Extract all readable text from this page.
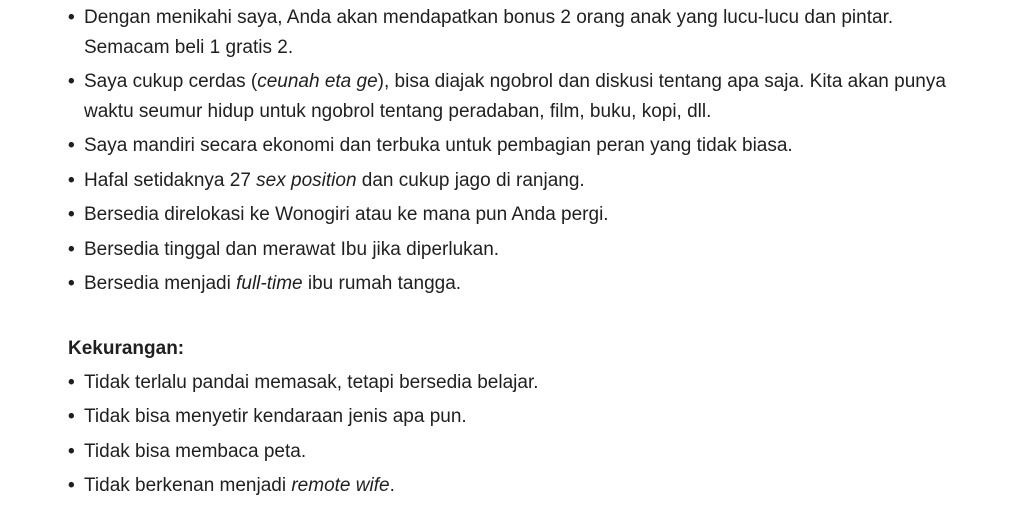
• Dengan menikahi saya, Anda akan mendapatkan bonus 2 orang anak yang lucu-lucu dan pintar. Semacam beli 1 gratis 2.
• Saya cukup cerdas (ceunah eta ge), bisa diajak ngobrol dan diskusi tentang apa saja. Kita akan punya waktu seumur hidup untuk ngobrol tentang peradaban, film, buku, kopi, dll.
• Saya mandiri secara ekonomi dan terbuka untuk pembagian peran yang tidak biasa.
• Hafal setidaknya 27 sex position dan cukup jago di ranjang.
• Bersedia direlokasi ke Wonogiri atau ke mana pun Anda pergi.
• Bersedia tinggal dan merawat Ibu jika diperlukan.
• Bersedia menjadi full-time ibu rumah tangga.
Kekurangan:
• Tidak terlalu pandai memasak, tetapi bersedia belajar.
• Tidak bisa menyetir kendaraan jenis apa pun.
• Tidak bisa membaca peta.
• Tidak berkenan menjadi remote wife.
